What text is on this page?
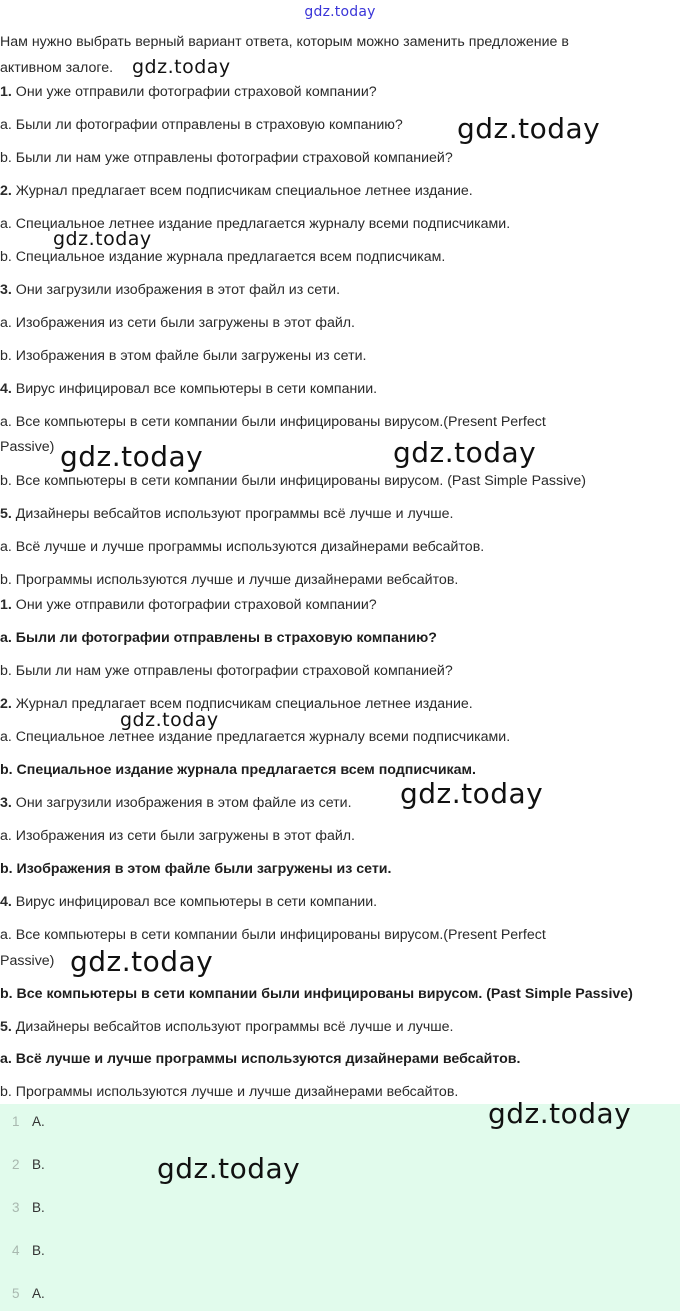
gdz.today
Нам нужно выбрать верный вариант ответа, которым можно заменить предложение в
активном залоге.
1. Они уже отправили фотографии страховой компании?
a. Были ли фотографии отправлены в страховую компанию?
b. Были ли нам уже отправлены фотографии страховой компанией?
2. Журнал предлагает всем подписчикам специальное летнее издание.
a. Специальное летнее издание предлагается журналу всеми подписчиками.
b. Специальное издание журнала предлагается всем подписчикам.
3. Они загрузили изображения в этот файл из сети.
a. Изображения из сети были загружены в этот файл.
b. Изображения в этом файле были загружены из сети.
4. Вирус инфицировал все компьютеры в сети компании.
a. Все компьютеры в сети компании были инфицированы вирусом.(Present Perfect
Passive)
b. Все компьютеры в сети компании были инфицированы вирусом. (Past Simple Passive)
5. Дизайнеры вебсайтов используют программы всё лучше и лучше.
a. Всё лучше и лучше программы используются дизайнерами вебсайтов.
b. Программы используются лучше и лучше дизайнерами вебсайтов.
1. Они уже отправили фотографии страховой компании?
a. Были ли фотографии отправлены в страховую компанию?
b. Были ли нам уже отправлены фотографии страховой компанией?
2. Журнал предлагает всем подписчикам специальное летнее издание.
a. Специальное летнее издание предлагается журналу всеми подписчиками.
b. Специальное издание журнала предлагается всем подписчикам.
3. Они загрузили изображения в этом файле из сети.
a. Изображения из сети были загружены в этот файл.
b. Изображения в этом файле были загружены из сети.
4. Вирус инфицировал все компьютеры в сети компании.
a. Все компьютеры в сети компании были инфицированы вирусом.(Present Perfect
Passive)
b. Все компьютеры в сети компании были инфицированы вирусом. (Past Simple Passive)
5. Дизайнеры вебсайтов используют программы всё лучше и лучше.
a. Всё лучше и лучше программы используются дизайнерами вебсайтов.
b. Программы используются лучше и лучше дизайнерами вебсайтов.
1 A.
2 B.
3 B.
4 B.
5 A.
gdz.today
gdz.today
gdz.today
gdz.today	gdz.today
gdz.today
gdz.today
gdz.today
gdz.today
gdz.today
